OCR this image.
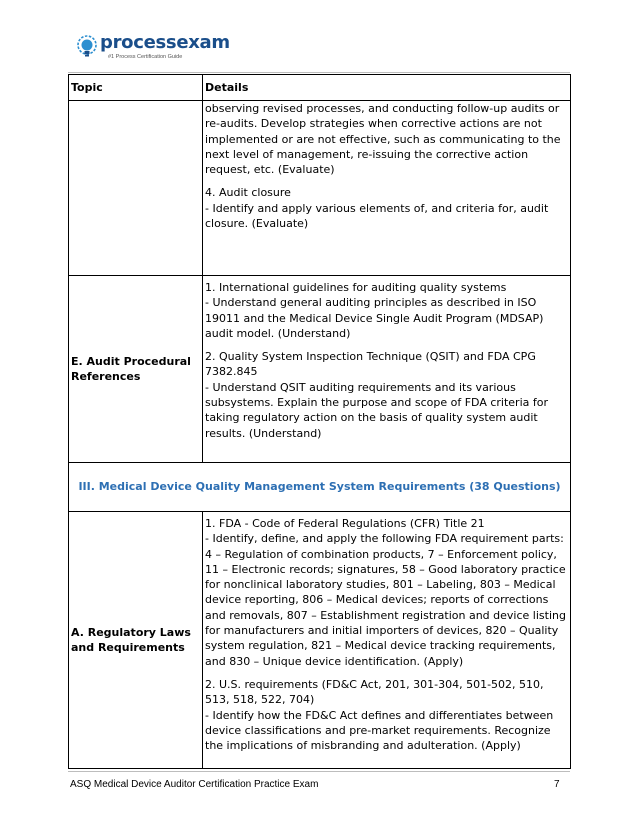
processexam
#1 Process Certification Guide
Topic	Details

	observing revised processes, and conducting follow-up audits or re-audits. Develop strategies when corrective actions are not implemented or are not effective, such as communicating to the next level of management, re-issuing the corrective action request, etc. (Evaluate)

4. Audit closure

- Identify and apply various elements of, and criteria for, audit closure. (Evaluate)

E. Audit Procedural References	1. International guidelines for auditing quality systems

- Understand general auditing principles as described in ISO 19011 and the Medical Device Single Audit Program (MDSAP) audit model. (Understand)

2. Quality System Inspection Technique (QSIT) and FDA CPG 7382.845

- Understand QSIT auditing requirements and its various subsystems. Explain the purpose and scope of FDA criteria for taking regulatory action on the basis of quality system audit results. (Understand)

III. Medical Device Quality Management System Requirements (38 Questions)	
A. Regulatory Laws and Requirements	1. FDA - Code of Federal Regulations (CFR) Title 21

- Identify, define, and apply the following FDA requirement parts: 4 – Regulation of combination products, 7 – Enforcement policy, 11 – Electronic records; signatures, 58 – Good laboratory practice for nonclinical laboratory studies, 801 – Labeling, 803 – Medical device reporting, 806 – Medical devices; reports of corrections and removals, 807 – Establishment registration and device listing for manufacturers and initial importers of devices, 820 – Quality system regulation, 821 – Medical device tracking requirements, and 830 – Unique device identification. (Apply)

2. U.S. requirements (FD&C Act, 201, 301-304, 501-502, 510, 513, 518, 522, 704)

- Identify how the FD&C Act defines and differentiates between device classifications and pre-market requirements. Recognize the implications of misbranding and adulteration. (Apply)

ASQ Medical Device Auditor Certification Practice Exam	7
